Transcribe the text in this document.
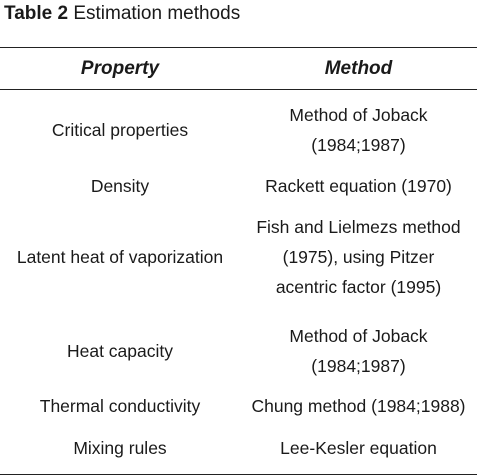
Table 2 Estimation methods
Property	Method
Critical properties	Method of Joback
(1984;1987)

Density	Rackett equation (1970)

Latent heat of vaporization	Fish and Lielmezs method
(1975), using Pitzer
acentric factor (1995)

Heat capacity	Method of Joback
(1984;1987)

Thermal conductivity	Chung method (1984;1988)

Mixing rules	Lee-Kesler equation
